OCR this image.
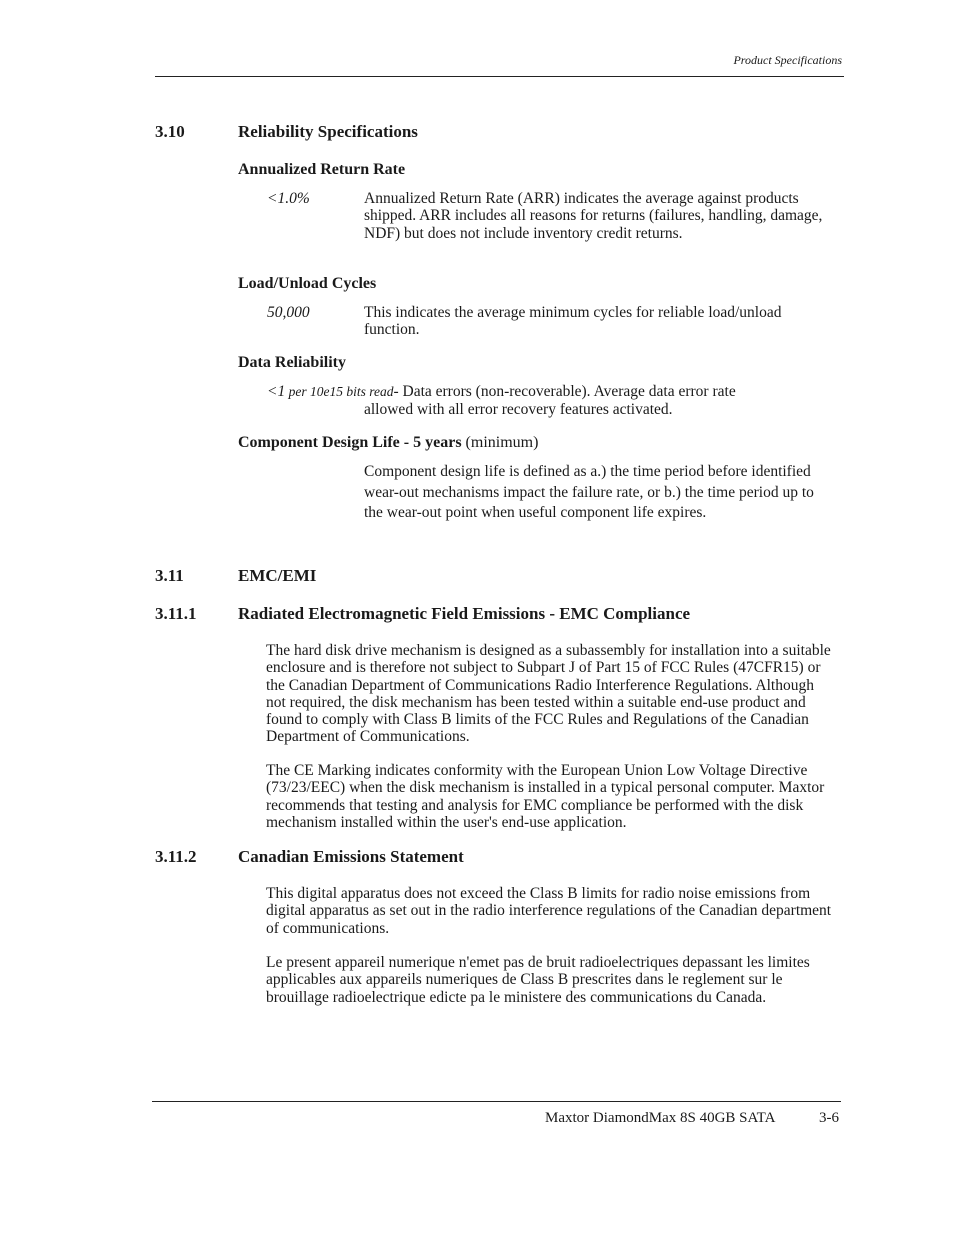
Product Specifications
3.10	Reliability Specifications
Annualized Return Rate
<1.0%	Annualized Return Rate (ARR) indicates the average against products shipped. ARR includes all reasons for returns (failures, handling, damage, NDF) but does not include inventory credit returns.
Load/Unload Cycles
50,000	This indicates the average minimum cycles for reliable load/unload function.
Data Reliability
<1 per 10e15 bits read- Data errors (non-recoverable). Average data error rate
allowed with all error recovery features activated.
Component Design Life - 5 years (minimum)
Component design life is defined as a.) the time period before identified wear-out mechanisms impact the failure rate, or b.) the time period up to the wear-out point when useful component life expires.
3.11	EMC/EMI
3.11.1 Radiated Electromagnetic Field Emissions - EMC Compliance
The hard disk drive mechanism is designed as a subassembly for installation into a suitable enclosure and is therefore not subject to Subpart J of Part 15 of FCC Rules (47CFR15) or the Canadian Department of Communications Radio Interference Regulations. Although not required, the disk mechanism has been tested within a suitable end-use product and found to comply with Class B limits of the FCC Rules and Regulations of the Canadian Department of Communications.
The CE Marking indicates conformity with the European Union Low Voltage Directive (73/23/EEC) when the disk mechanism is installed in a typical personal computer. Maxtor recommends that testing and analysis for EMC compliance be performed with the disk mechanism installed within the user's end-use application.
3.11.2 Canadian Emissions Statement
This digital apparatus does not exceed the Class B limits for radio noise emissions from digital apparatus as set out in the radio interference regulations of the Canadian department of communications.
Le present appareil numerique n'emet pas de bruit radioelectriques depassant les limites applicables aux appareils numeriques de Class B prescrites dans le reglement sur le brouillage radioelectrique edicte pa le ministere des communications du Canada.
Maxtor DiamondMax 8S 40GB SATA	3-6
